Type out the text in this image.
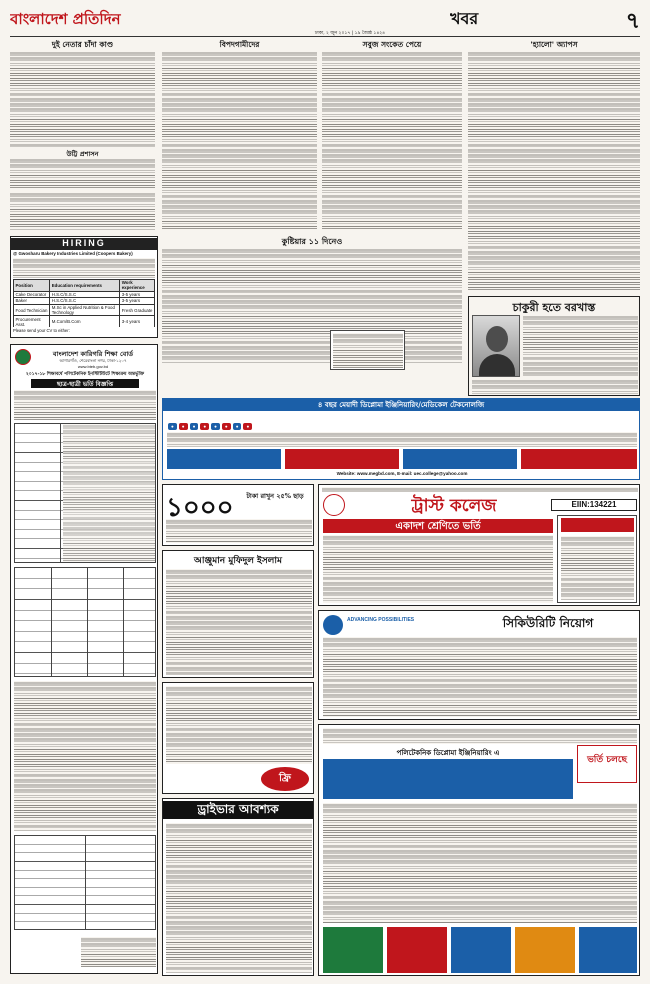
বাংলাদেশ প্রতিদিন	খবর	৭
ঢাকা, ২ জুন ২০১৭ | ১৯ জ্যৈষ্ঠ ১৪২৪
দুই নেতার চাঁদা কাণ্ড
উট্টি প্রশাসন
HIRING
@ Gwosharu Bakery Industries Limited (Coopers Bakery)
Position	Education requirements	Work experience
Cake Decorator	H.S.C/S.S.C	3-5 years
Baker	H.S.C/S.S.C	3-5 years
Food Technician	M.Sc in Applied Nutrition & Food Technology	Fresh Graduate
Procurement Asst.	M.Com/B.Com	3-4 years

Please send your CV to either:
বিপদগামীদের	সবুজ সংকেত পেয়ে	'হ্যালো' অ্যাপস
কুষ্টিয়ার ১১ দিনেও
চাকুরী হতে বরখাস্ত
বাংলাদেশ কারিগরি শিক্ষা বোর্ড
আগারগাঁও, শেরেবাংলা নগর, ঢাকা-১২০৭
www.bteb.gov.bd
২০১৭-১৮ শিক্ষাবর্ষে পলিটেকনিক ইনস্টিটিউটে শিক্ষাক্রম অন্তর্ভুক্তি
ছাত্র-ছাত্রী ভর্তি বিজ্ঞপ্তি
৪ বছর মেয়াদী ডিপ্লোমা ইঞ্জিনিয়ারিং/মেডিকেল টেকনোলজি
● ● ● ● ● ● ● ●
Website: www.megbd.com, E-mail: uec.college@yahoo.com
১০০০	টাকা রাখুন ২৫% ছাড়	ট্রাস্ট কলেজ	EIIN:134221
একাদশ শ্রেণিতে ভর্তি
আঞ্জুমান মুফিদুল ইসলাম
ADVANCING POSSIBILITIES	সিকিউরিটি নিয়োগ
ফ্রি
ড্রাইভার আবশ্যক
পলিটেকনিক ডিপ্লোমা ইঞ্জিনিয়ারিং এ
ভর্তি চলছে
